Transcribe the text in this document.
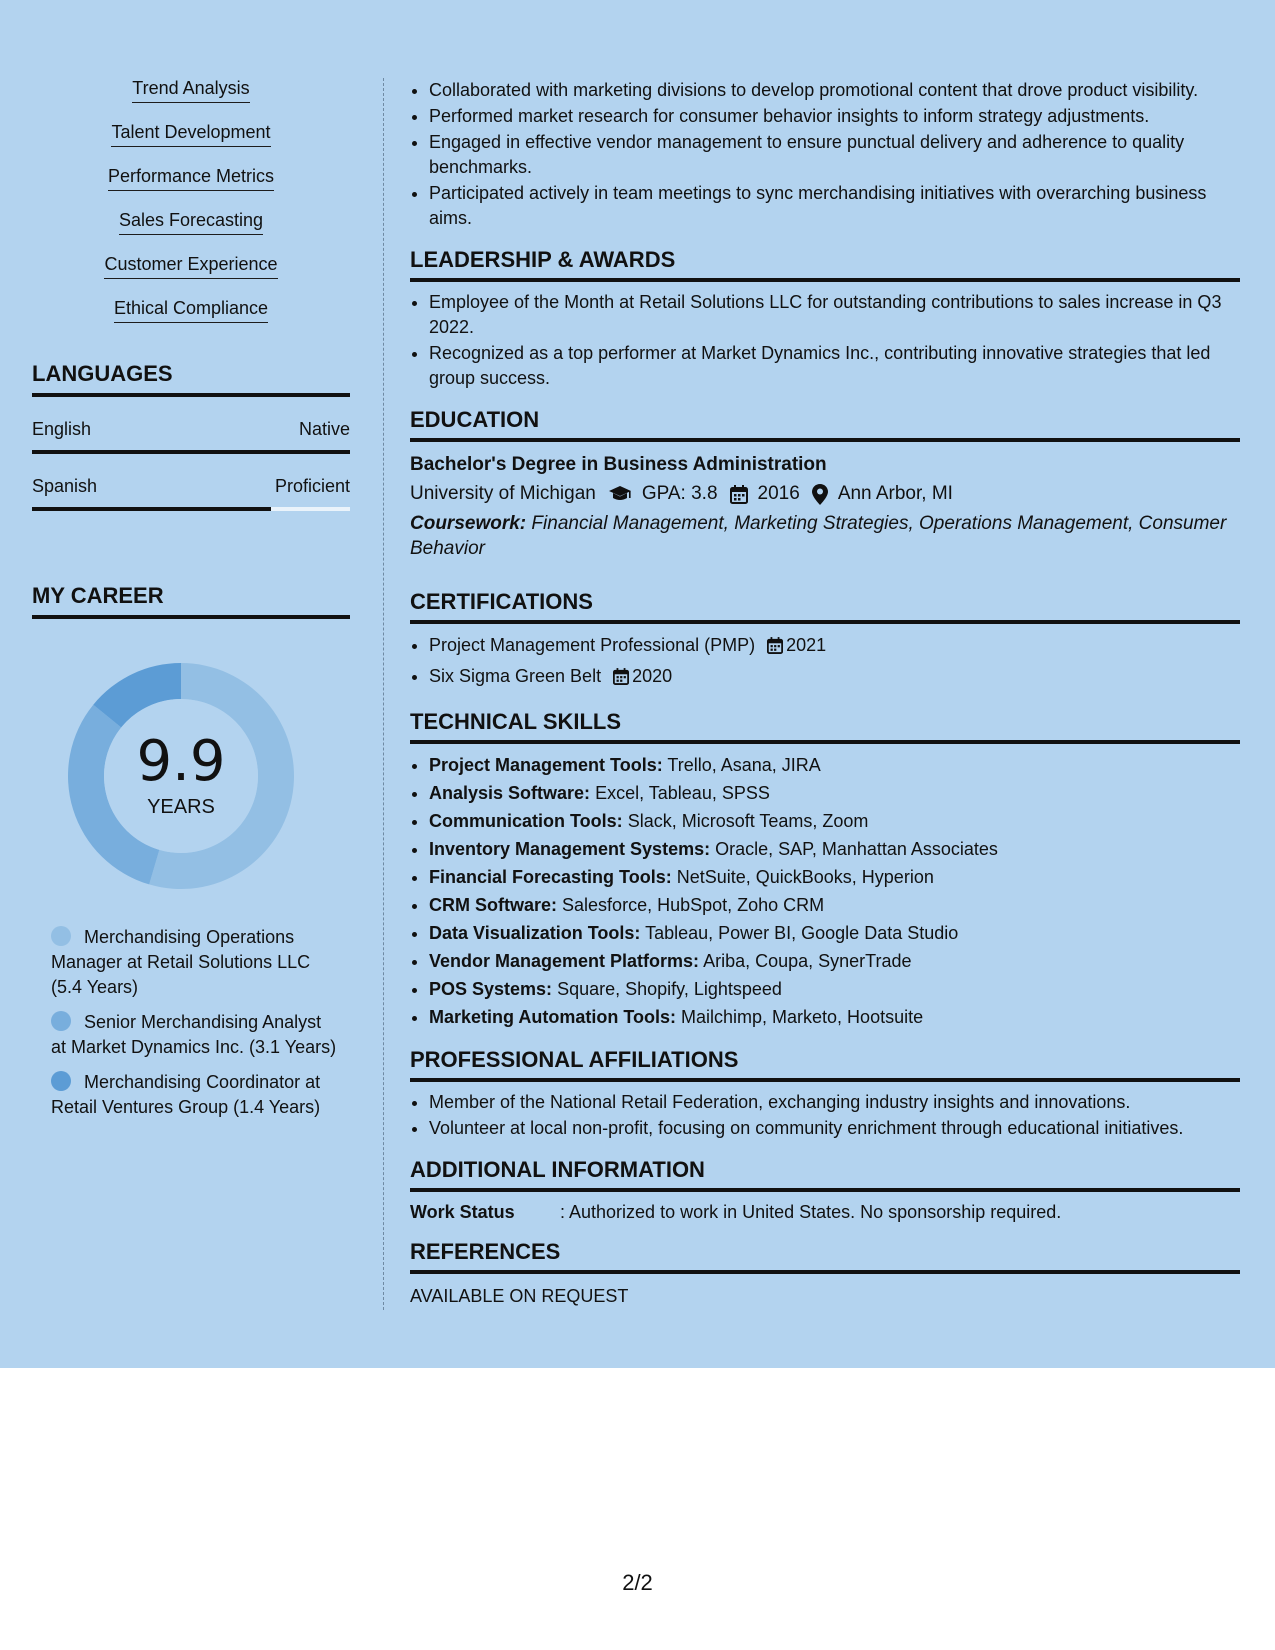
Trend Analysis
Talent Development
Performance Metrics
Sales Forecasting
Customer Experience
Ethical Compliance
LANGUAGES
English	Native
Spanish	Proficient
MY CAREER
9.9
YEARS
Merchandising Operations Manager at Retail Solutions LLC (5.4 Years)
Senior Merchandising Analyst at Market Dynamics Inc. (3.1 Years)
Merchandising Coordinator at Retail Ventures Group (1.4 Years)
• Collaborated with marketing divisions to develop promotional content that drove product visibility.
• Performed market research for consumer behavior insights to inform strategy adjustments.
• Engaged in effective vendor management to ensure punctual delivery and adherence to quality benchmarks.
• Participated actively in team meetings to sync merchandising initiatives with overarching business aims.
LEADERSHIP & AWARDS
• Employee of the Month at Retail Solutions LLC for outstanding contributions to sales increase in Q3 2022.
• Recognized as a top performer at Market Dynamics Inc., contributing innovative strategies that led group success.
EDUCATION
Bachelor's Degree in Business Administration
University of Michigan GPA: 3.8 2016 Ann Arbor, MI
Coursework: Financial Management, Marketing Strategies, Operations Management, Consumer Behavior
CERTIFICATIONS
• Project Management Professional (PMP) 2021
• Six Sigma Green Belt 2020
TECHNICAL SKILLS
• Project Management Tools: Trello, Asana, JIRA
• Analysis Software: Excel, Tableau, SPSS
• Communication Tools: Slack, Microsoft Teams, Zoom
• Inventory Management Systems: Oracle, SAP, Manhattan Associates
• Financial Forecasting Tools: NetSuite, QuickBooks, Hyperion
• CRM Software: Salesforce, HubSpot, Zoho CRM
• Data Visualization Tools: Tableau, Power BI, Google Data Studio
• Vendor Management Platforms: Ariba, Coupa, SynerTrade
• POS Systems: Square, Shopify, Lightspeed
• Marketing Automation Tools: Mailchimp, Marketo, Hootsuite
PROFESSIONAL AFFILIATIONS
• Member of the National Retail Federation, exchanging industry insights and innovations.
• Volunteer at local non-profit, focusing on community enrichment through educational initiatives.
ADDITIONAL INFORMATION
Work Status	: Authorized to work in United States. No sponsorship required.
REFERENCES
AVAILABLE ON REQUEST
2/2
